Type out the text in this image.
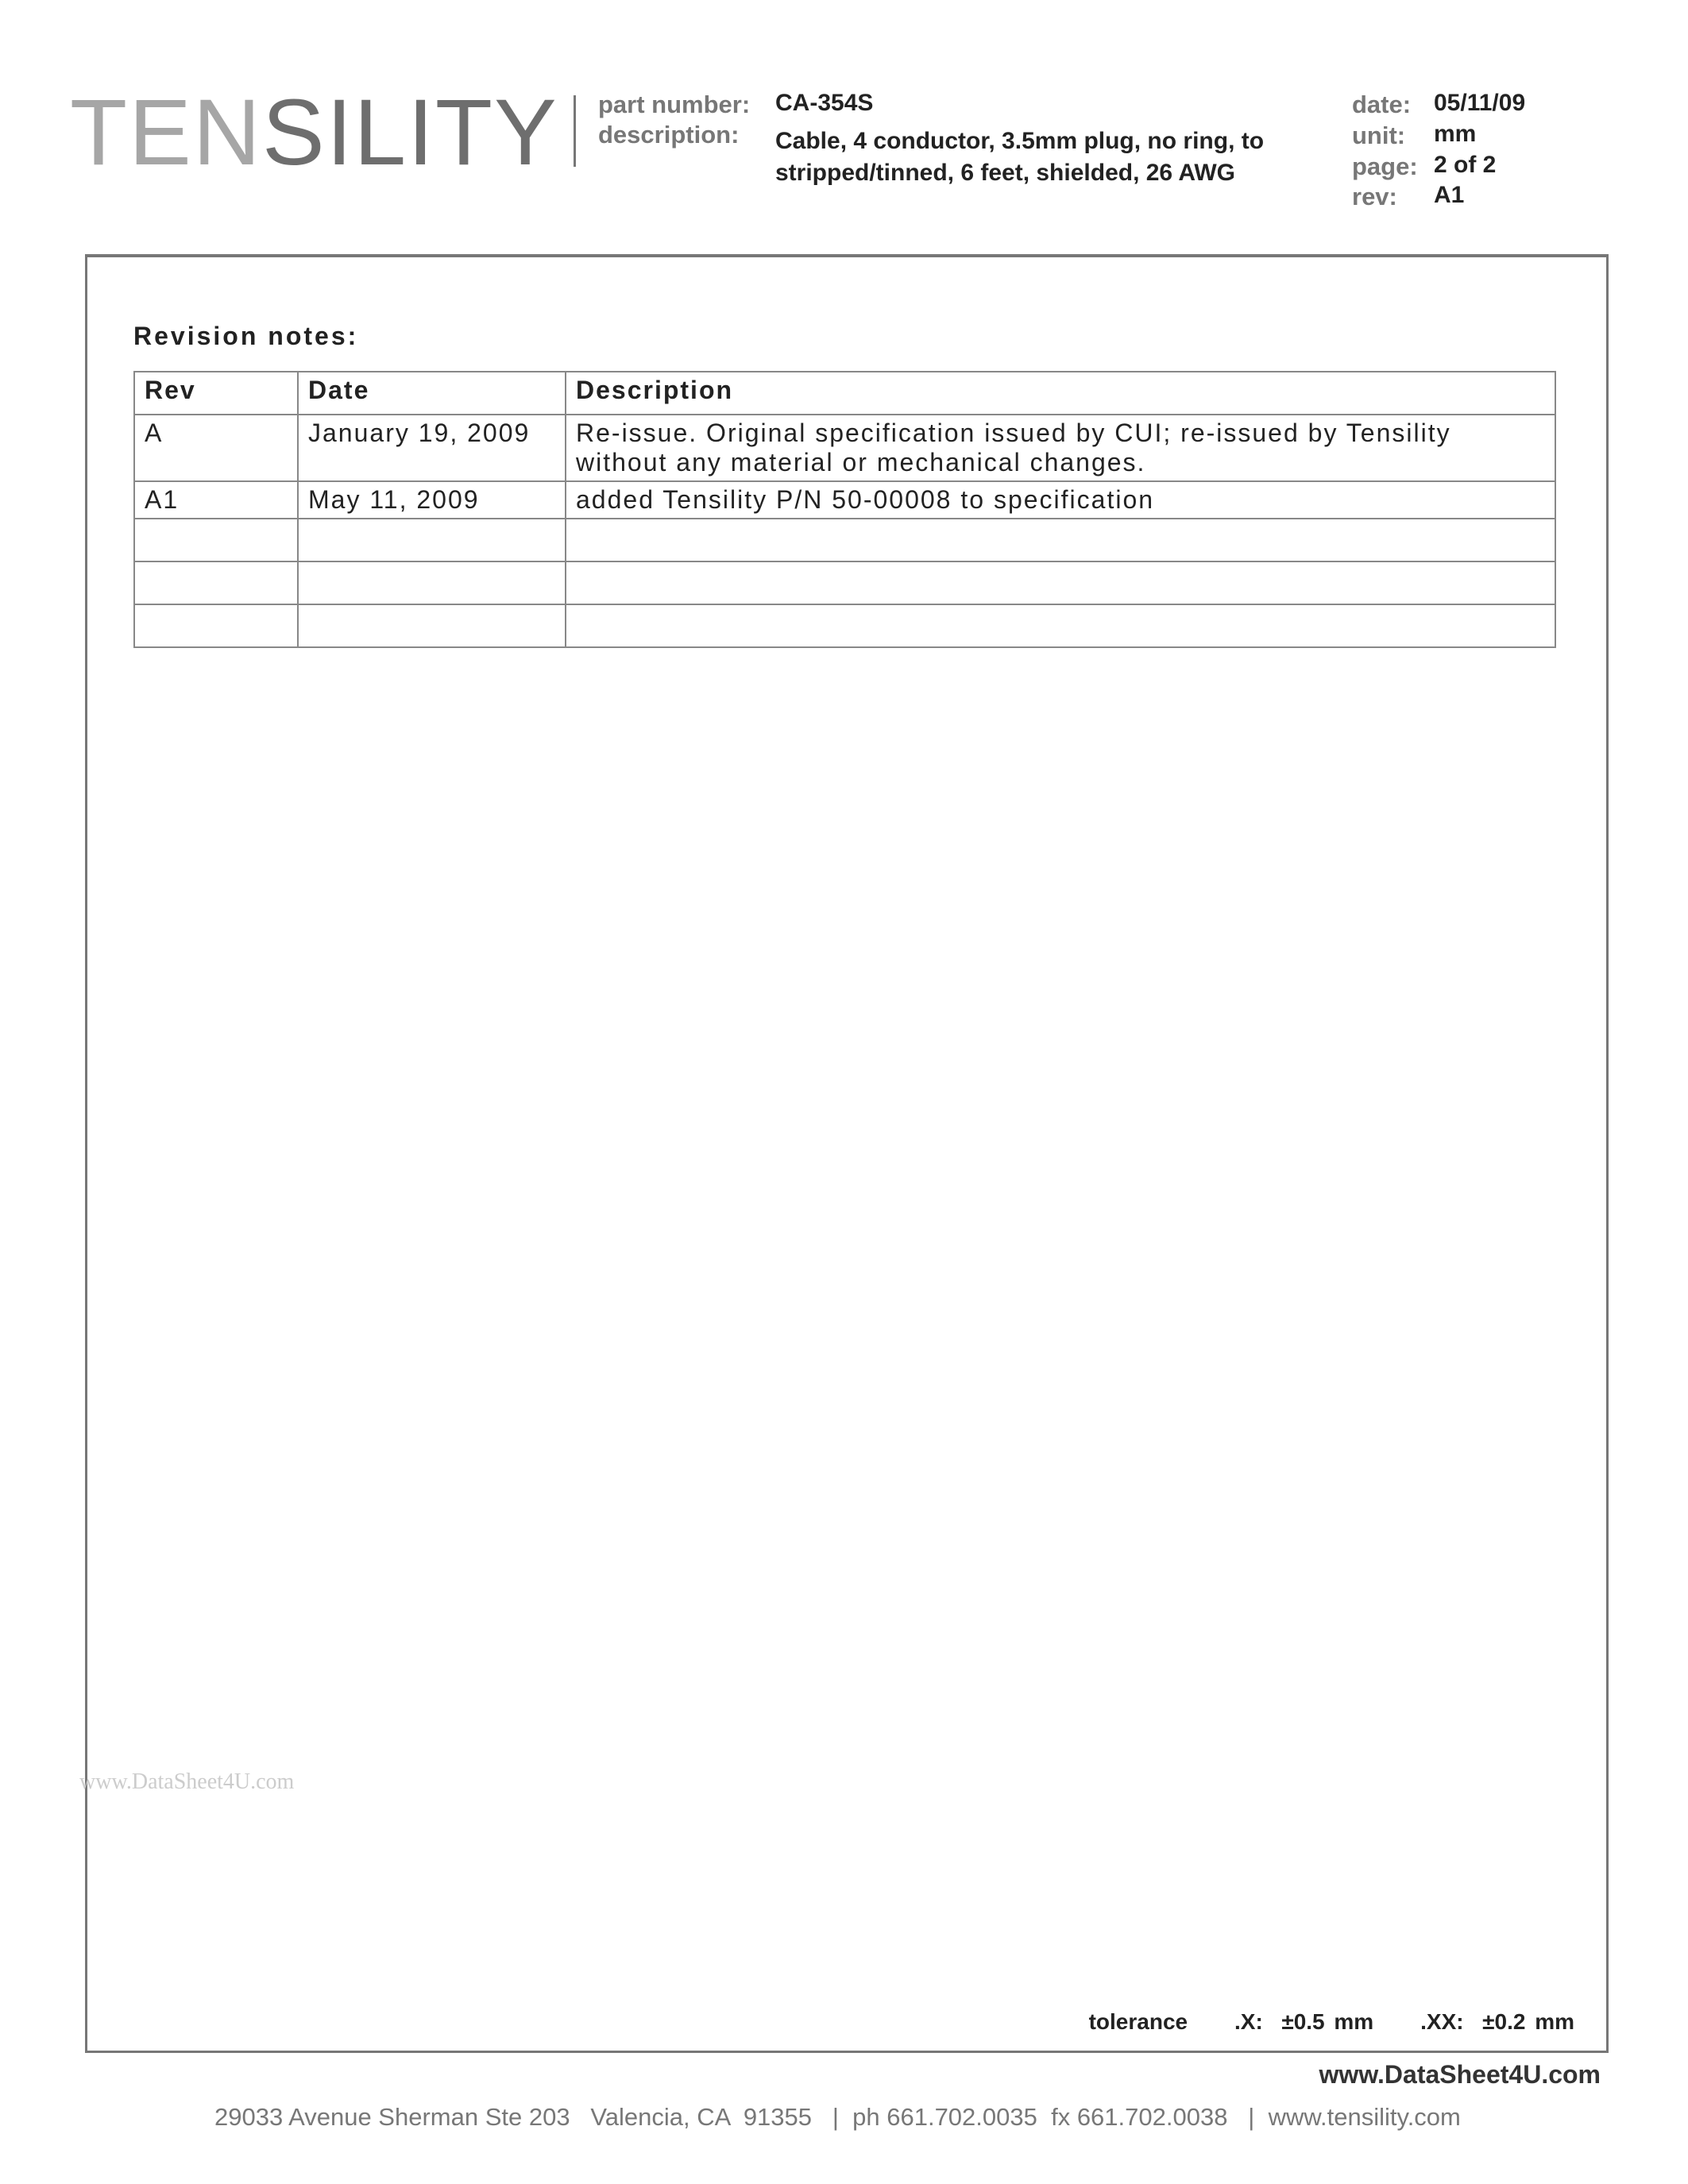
TENSILITY part number: CA-354S
description: Cable, 4 conductor, 3.5mm plug, no ring, to
stripped/tinned, 6 feet, shielded, 26 AWG
date: 05/11/09
unit: mm
page: 2 of 2
rev: A1
Revision notes:
Rev	Date	Description
A	January 19, 2009	Re-issue. Original specification issued by CUI; re-issued by Tensility without any material or mechanical changes.
A1	May 11, 2009	added Tensility P/N 50-00008 to specification

www.DataSheet4U.com
tolerance .X:  ±0.5 mm .XX:  ±0.2 mm
www.DataSheet4U.com
29033 Avenue Sherman Ste 203   Valencia, CA  91355   |  ph 661.702.0035  fx 661.702.0038   |  www.tensility.com
